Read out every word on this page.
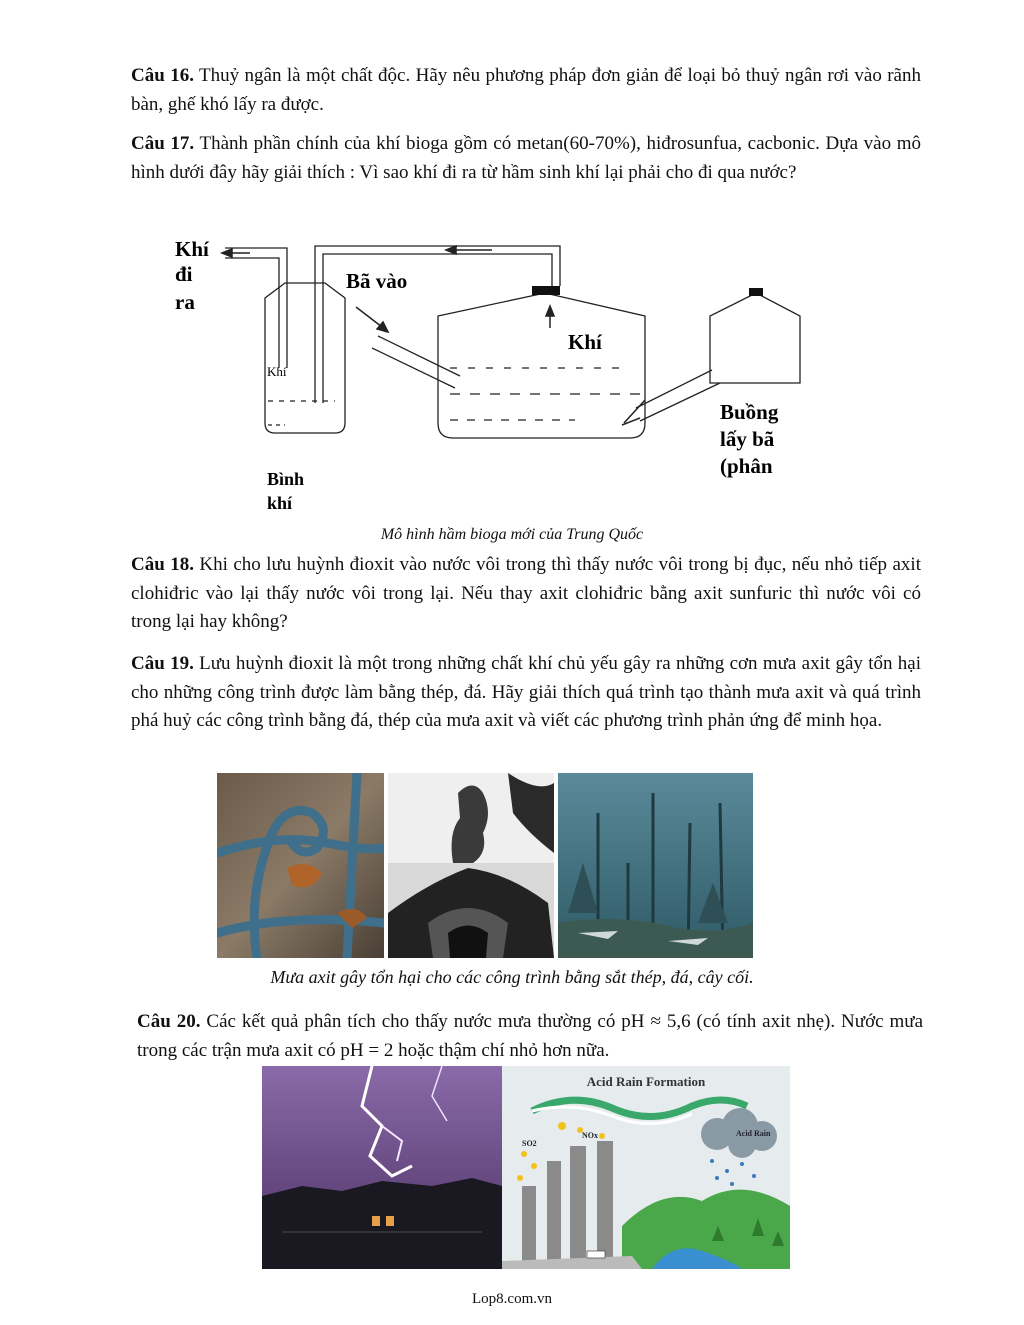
Câu 16. Thuỷ ngân là một chất độc. Hãy nêu phương pháp đơn giản để loại bỏ thuỷ ngân rơi vào rãnh bàn, ghế khó lấy ra được.

Câu 17. Thành phần chính của khí bioga gồm có metan(60-70%), hiđrosunfua, cacbonic. Dựa vào mô hình dưới đây hãy giải thích : Vì sao khí đi ra từ hầm sinh khí lại phải cho đi qua nước?

Khí
đi
ra
Bã vào
Khí
Khí
Bình
khí
Buồng
lấy bã
(phân

Mô hình hầm bioga mới của Trung Quốc

Câu 18. Khi cho lưu huỳnh đioxit vào nước vôi trong thì thấy nước vôi trong bị đục, nếu nhỏ tiếp axit clohiđric vào lại thấy nước vôi trong lại. Nếu thay axit clohiđric bằng axit sunfuric thì nước vôi có trong lại hay không?

Câu 19. Lưu huỳnh đioxit là một trong những chất khí chủ yếu gây ra những cơn mưa axit gây tổn hại cho những công trình được làm bằng thép, đá. Hãy giải thích quá trình tạo thành mưa axit và quá trình phá huỷ các công trình bằng đá, thép của mưa axit và viết các phương trình phản ứng để minh họa.

Mưa axit gây tổn hại cho các công trình bằng sắt thép, đá, cây cối.

Câu 20. Các kết quả phân tích cho thấy nước mưa thường có pH ≈ 5,6 (có tính axit nhẹ). Nước mưa trong các trận mưa axit có pH = 2 hoặc thậm chí nhỏ hơn nữa.

Acid Rain Formation
Acid Rain
SO2
NOx
Lop8.com.vn
